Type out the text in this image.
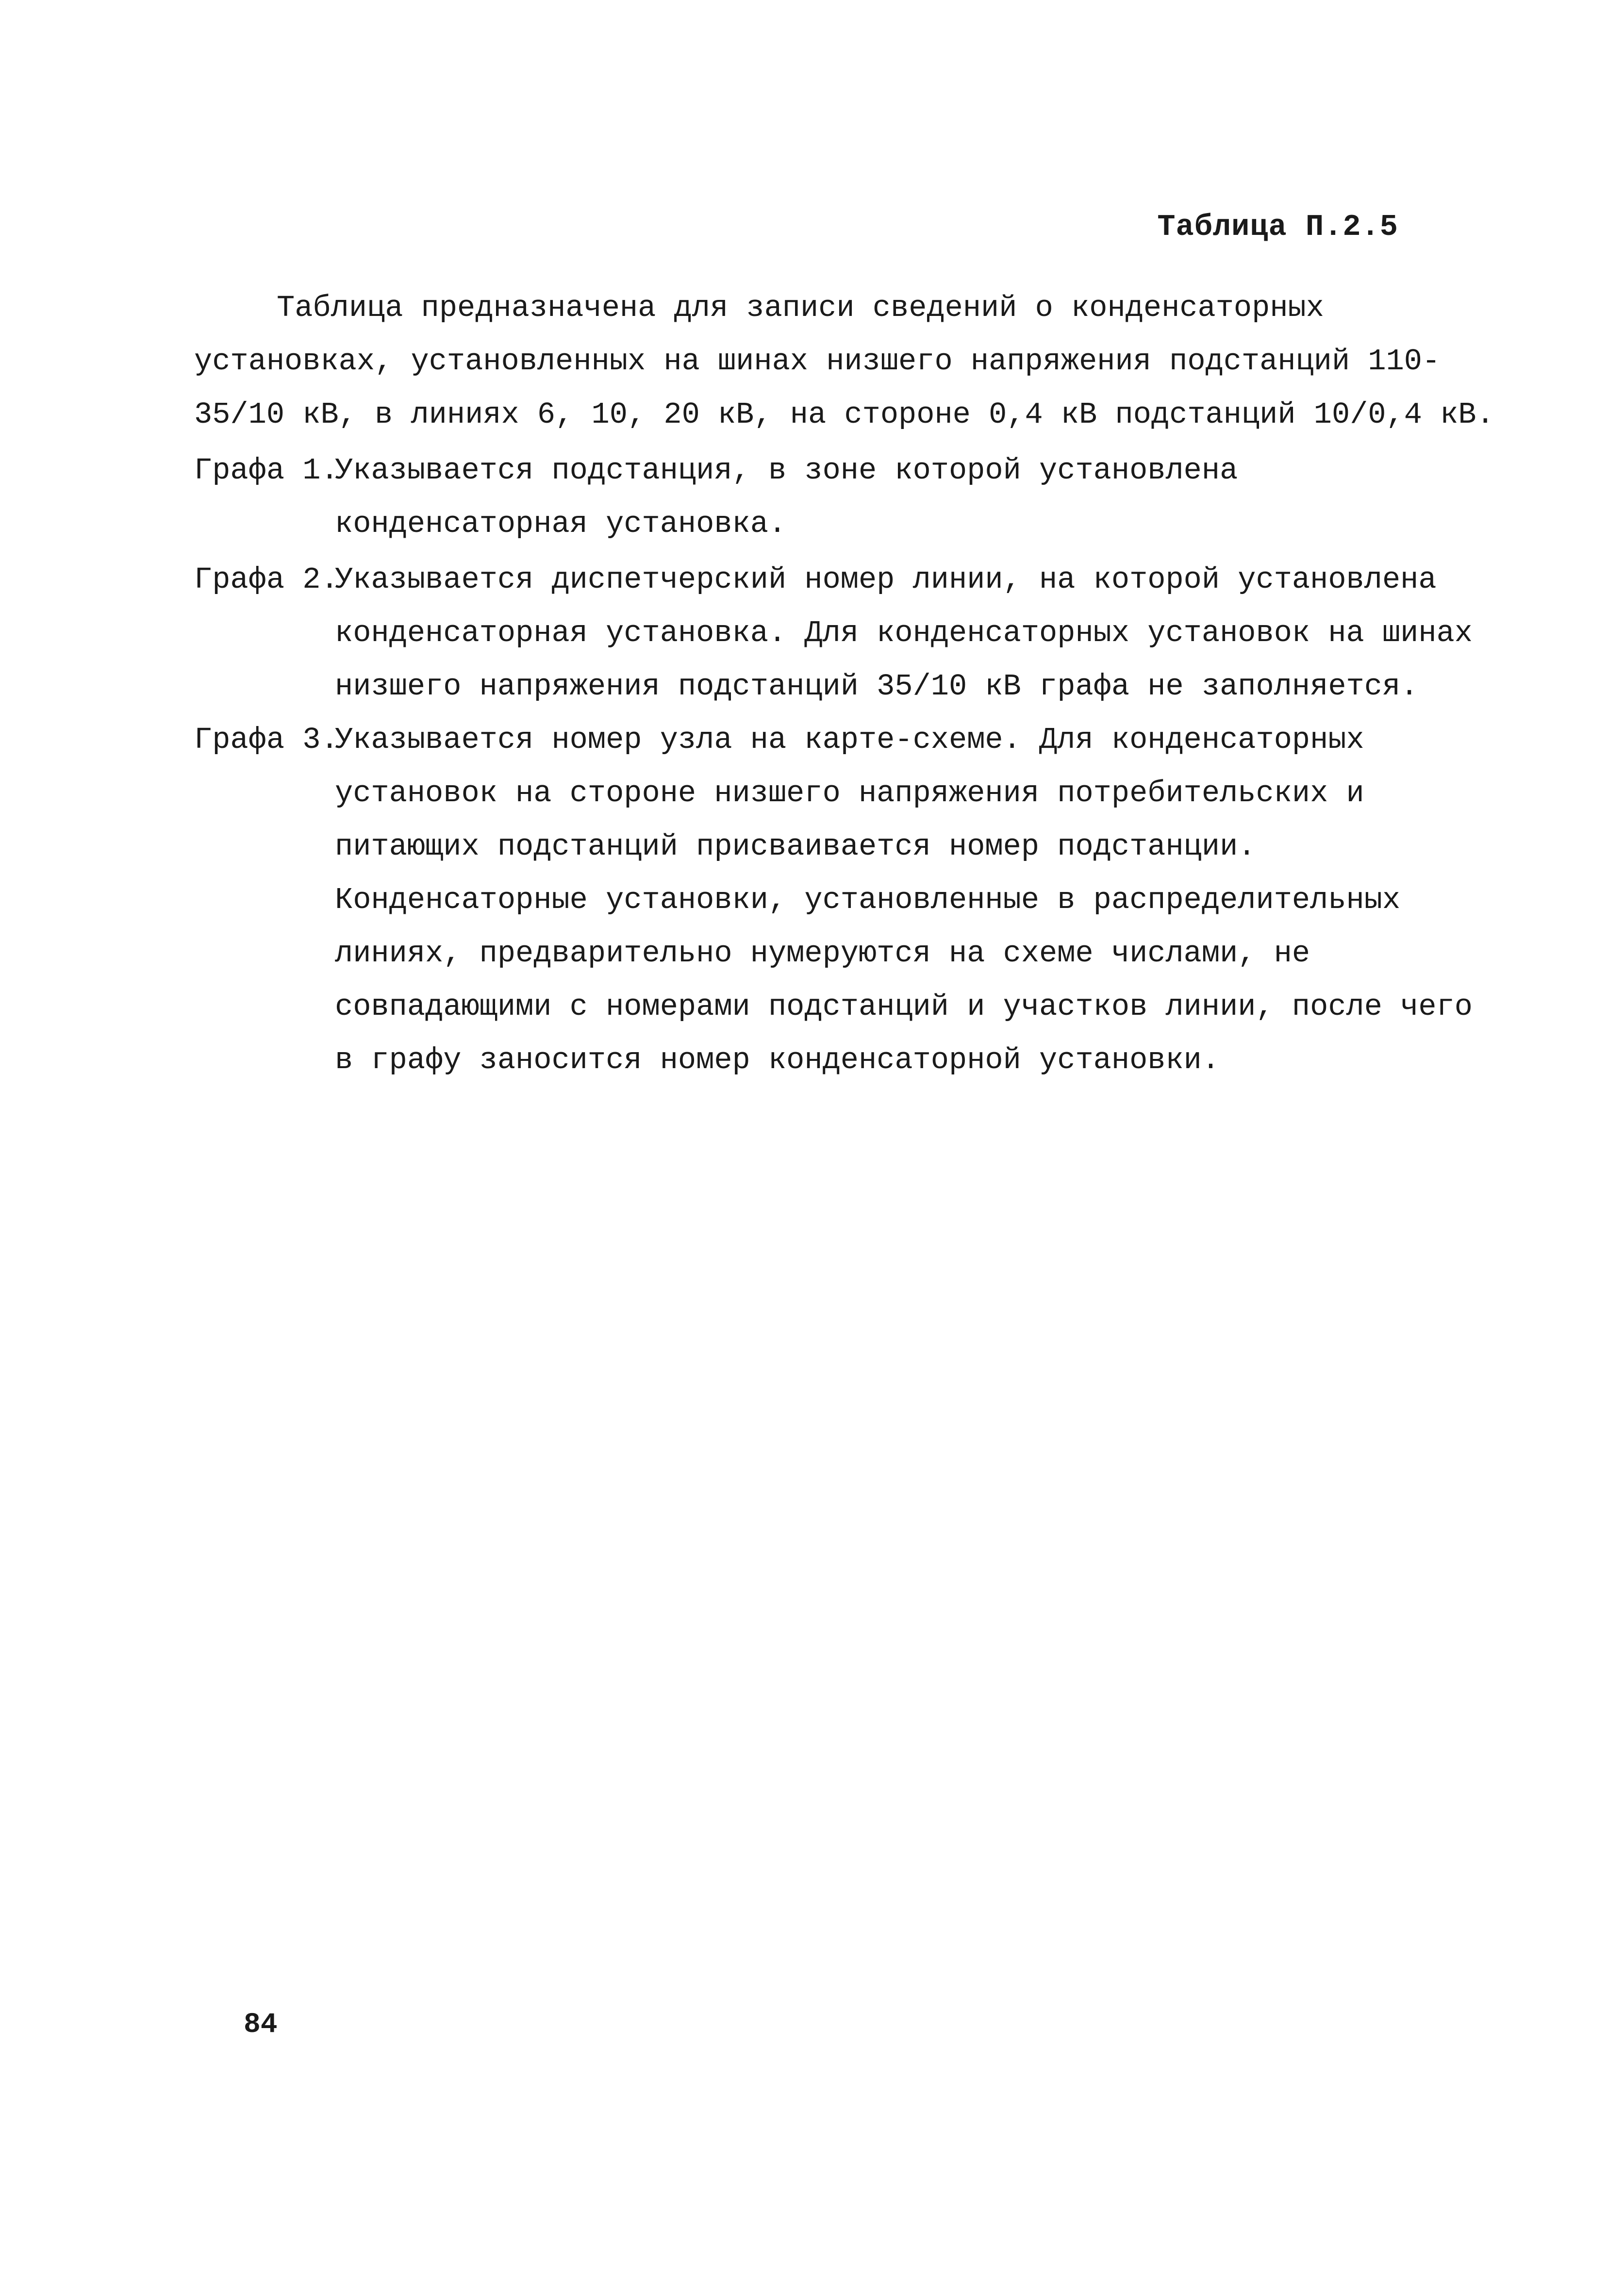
Таблица П.2.5

Таблица предназначена для записи сведений о конденсаторных установках, установленных на шинах низшего напряжения подстанций 110-35/10 кВ, в линиях 6, 10, 20 кВ, на стороне 0,4 кВ подстанций 10/0,4 кВ.

Графа 1.
Указывается подстанция, в зоне которой установлена конденсаторная установка.
Графа 2.
Указывается диспетчерский номер линии, на которой установлена конденсаторная установка. Для конденсаторных установок на шинах низшего напряжения подстанций 35/10 кВ графа не заполняется.
Графа 3.
Указывается номер узла на карте-схеме. Для конденсаторных установок на стороне низшего напряжения потребительских и питающих подстанций присваивается номер подстанции. Конденсаторные установки, установленные в распределительных линиях, предварительно нумеруются на схеме числами, не совпадающими с номерами подстанций и участков линии, после чего в графу заносится номер конденсаторной установки.
84
